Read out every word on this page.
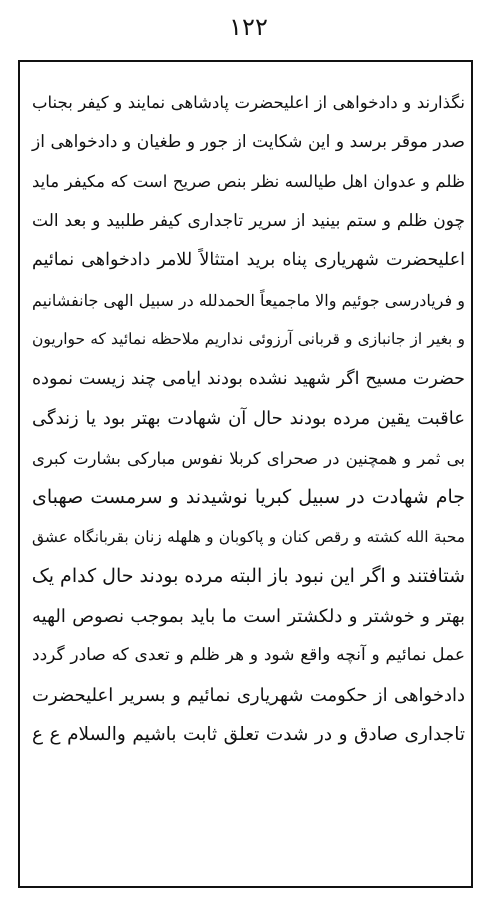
۱۲۲
نگذارند و دادخواهی از اعلیحضرت پادشاهی نمایند و کیفر بجناب
صدر موقر برسد و این شکایت از جور و طغیان و دادخواهی از
ظلم و عدوان اهل طیالسه نظر بنص صریح است که مکیفر ماید
چون ظلم و ستم بینید از سریر تاجداری کیفر طلبید و بعد الت
اعلیحضرت شهریاری پناه برید امتثالاً للامر دادخواهی نمائیم
و فریادرسی جوئیم والا ماجمیعاً الحمدلله در سبیل الهی جانفشانیم
و بغیر از جانبازی و قربانی آرزوئی نداریم ملاحظه نمائید که حواریون
حضرت مسیح اگر شهید نشده بودند ایامی چند زیست نموده
عاقبت یقین مرده بودند حال آن شهادت بهتر بود یا زندگی
بی ثمر و همچنین در صحرای کربلا نفوس مبارکی بشارت کبری
جام شهادت در سبیل کبریا نوشیدند و سرمست صهبای
محبة الله کشته و رقص کنان و پاکوبان و هلهله زنان بقربانگاه عشق
شتافتند و اگر این نبود باز البته مرده بودند حال کدام یک
بهتر و خوشتر و دلکشتر است ما باید بموجب نصوص الهیه
عمل نمائیم و آنچه واقع شود و هر ظلم و تعدی که صادر گردد
دادخواهی از حکومت شهریاری نمائیم و بسریر اعلیحضرت
تاجداری صادق و در شدت تعلق ثابت باشیم والسلام ع ع
